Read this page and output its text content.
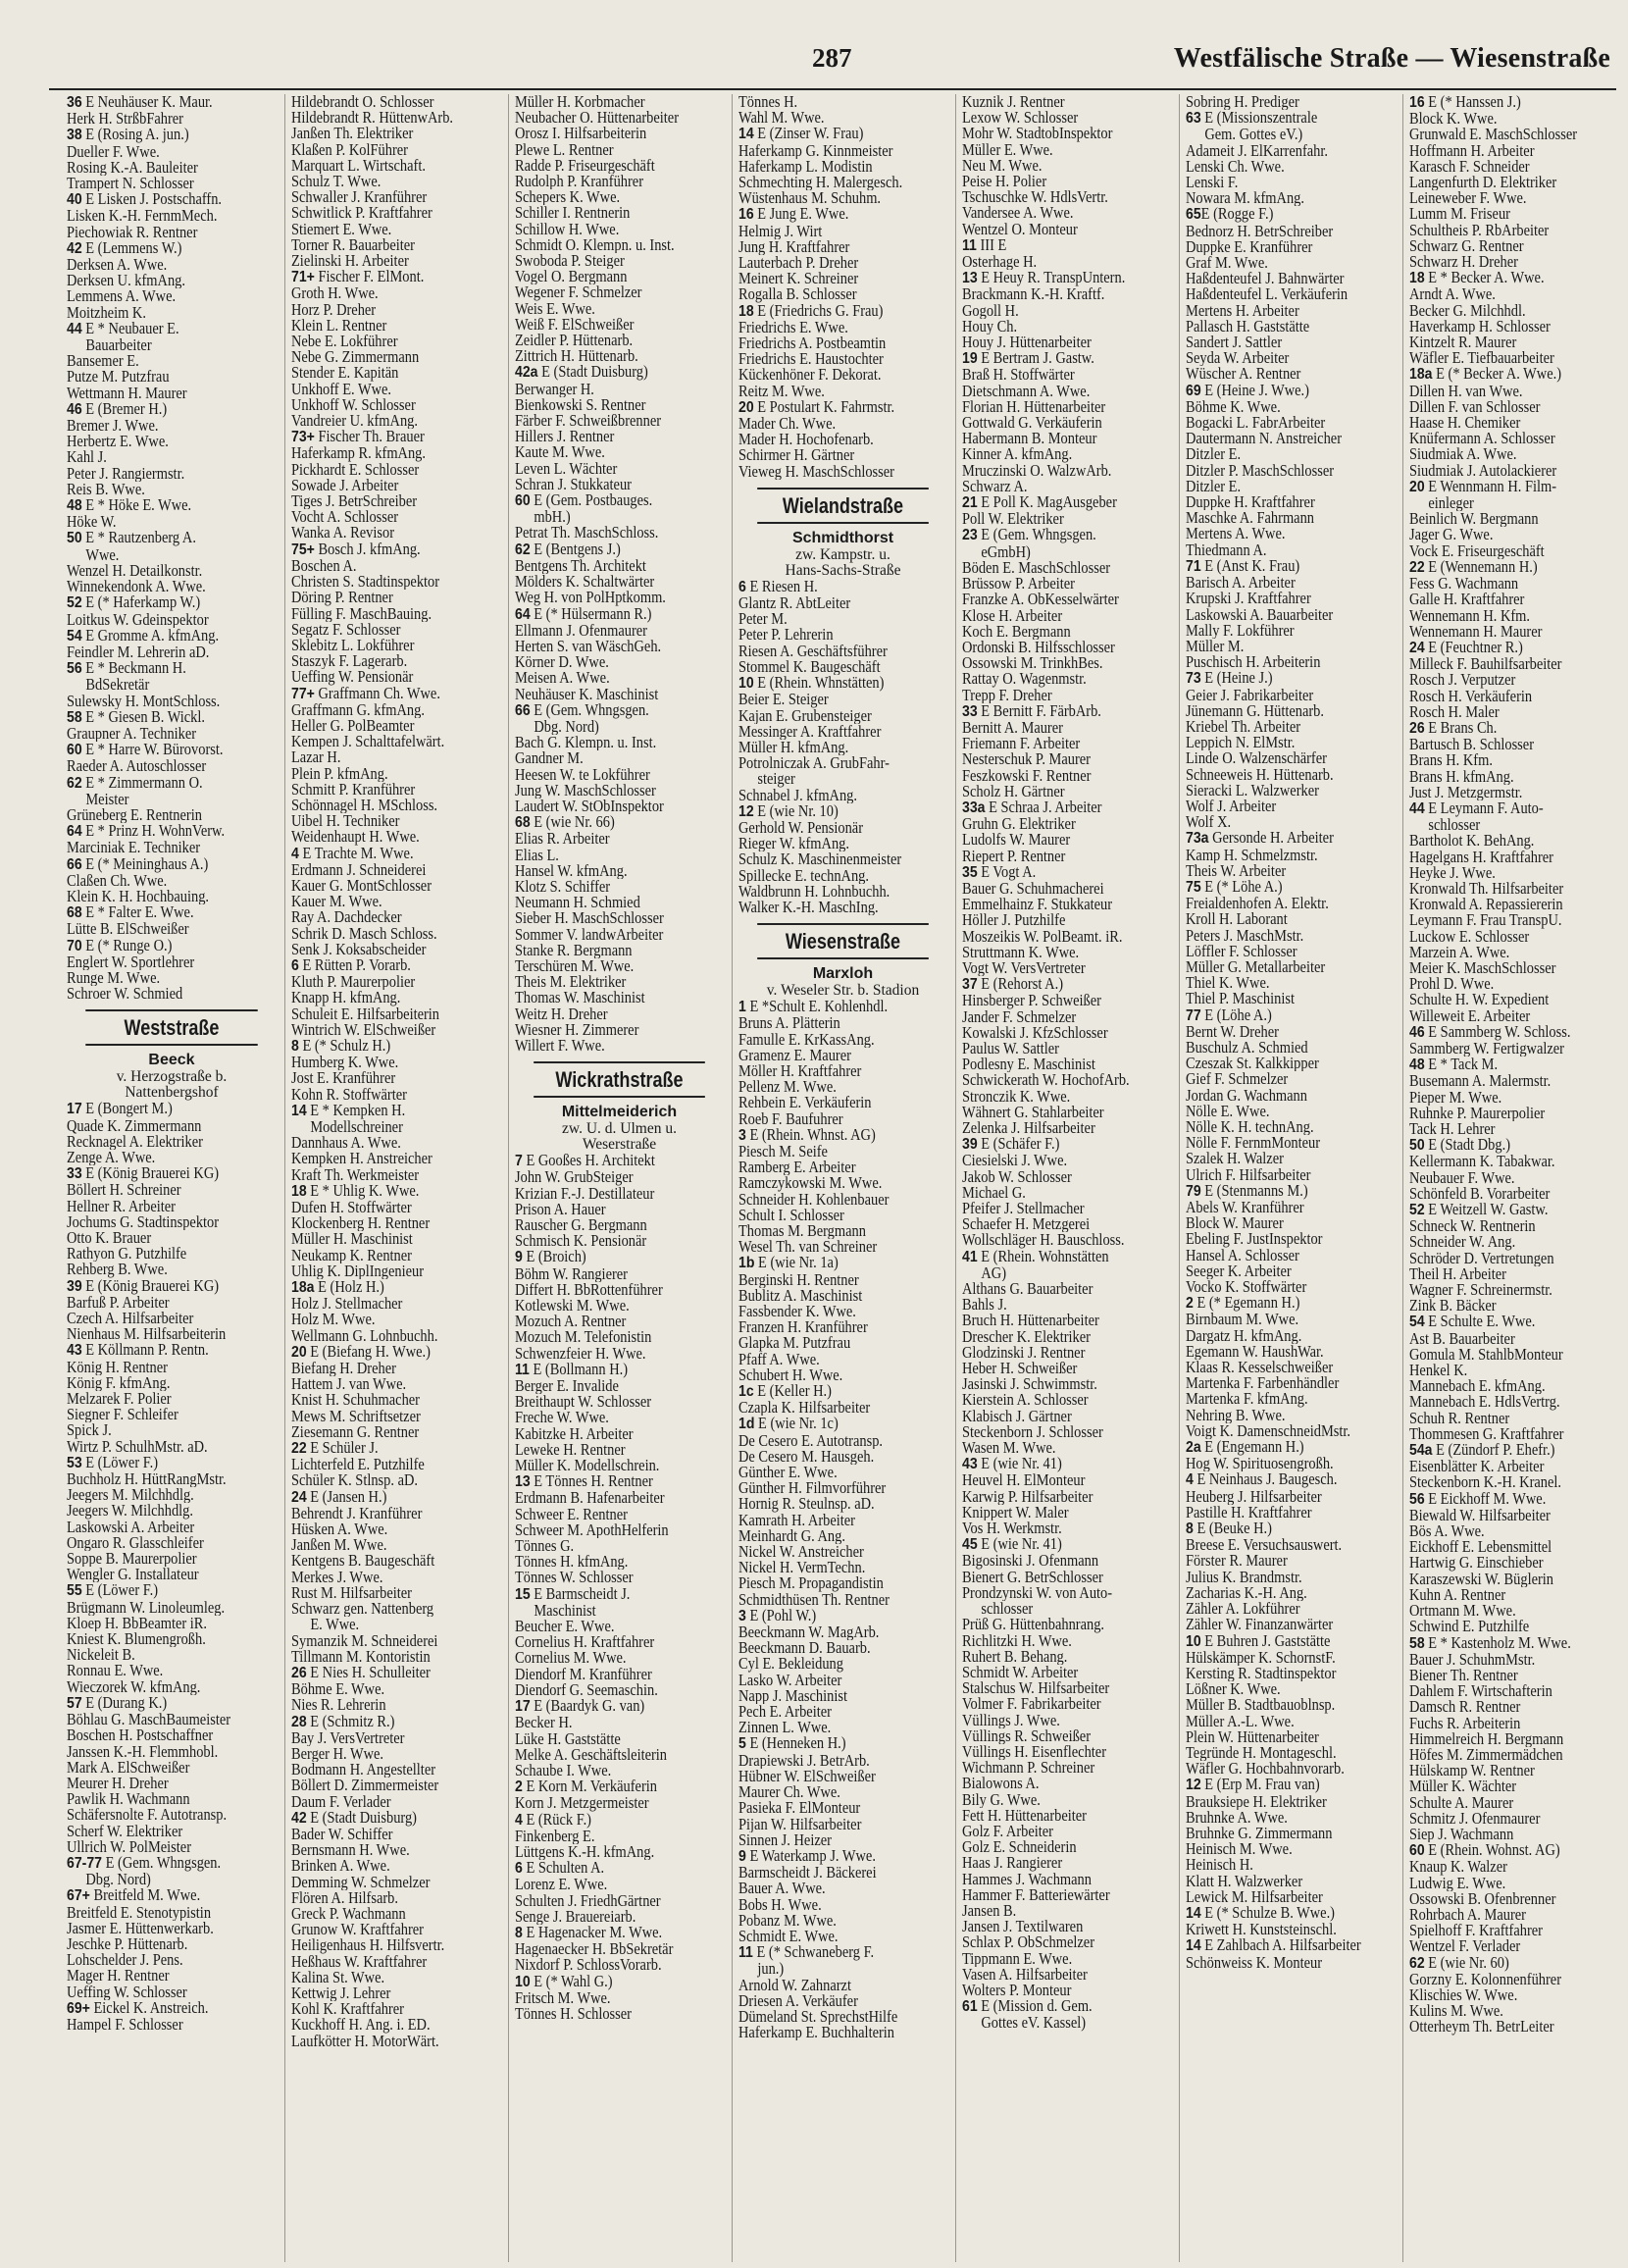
287	Westfälische Straße — Wiesenstraße
36 E Neuhäuser K. Maur.
Herk H. StrßbFahrer
38 E (Rosing A. jun.)
Dueller F. Wwe.
Rosing K.-A. Bauleiter
Trampert N. Schlosser
40 E Lisken J. Postschaffn.
Lisken K.-H. FernmMech.
Piechowiak R. Rentner
42 E (Lemmens W.)
Derksen A. Wwe.
Derksen U. kfmAng.
Lemmens A. Wwe.
Moitzheim K.
44 E * Neubauer E.
Bauarbeiter
Bansemer E.
Putze M. Putzfrau
Wettmann H. Maurer
46 E (Bremer H.)
Bremer J. Wwe.
Herbertz E. Wwe.
Kahl J.
Peter J. Rangiermstr.
Reis B. Wwe.
48 E * Höke E. Wwe.
Höke W.
50 E * Rautzenberg A.
Wwe.
Wenzel H. Detailkonstr.
Winnekendonk A. Wwe.
52 E (* Haferkamp W.)
Loitkus W. Gdeinspektor
54 E Gromme A. kfmAng.
Feindler M. Lehrerin aD.
56 E * Beckmann H.
BdSekretär
Sulewsky H. MontSchloss.
58 E * Giesen B. Wickl.
Graupner A. Techniker
60 E * Harre W. Bürovorst.
Raeder A. Autoschlosser
62 E * Zimmermann O.
Meister
Grüneberg E. Rentnerin
64 E * Prinz H. WohnVerw.
Marciniak E. Techniker
66 E (* Meininghaus A.)
Claßen Ch. Wwe.
Klein K. H. Hochbauing.
68 E * Falter E. Wwe.
Lütte B. ElSchweißer
70 E (* Runge O.)
Englert W. Sportlehrer
Runge M. Wwe.
Schroer W. Schmied
Weststraße
Beeck
v. Herzogstraße b.
Nattenbergshof
17 E (Bongert M.)
Quade K. Zimmermann
Recknagel A. Elektriker
Zenge A. Wwe.
33 E (König Brauerei KG)
Böllert H. Schreiner
Hellner R. Arbeiter
Jochums G. Stadtinspektor
Otto K. Brauer
Rathyon G. Putzhilfe
Rehberg B. Wwe.
39 E (König Brauerei KG)
Barfuß P. Arbeiter
Czech A. Hilfsarbeiter
Nienhaus M. Hilfsarbeiterin
43 E Köllmann P. Rentn.
König H. Rentner
König F. kfmAng.
Melzarek F. Polier
Siegner F. Schleifer
Spick J.
Wirtz P. SchulhMstr. aD.
53 E (Löwer F.)
Buchholz H. HüttRangMstr.
Jeegers M. Milchhdlg.
Jeegers W. Milchhdlg.
Laskowski A. Arbeiter
Ongaro R. Glasschleifer
Soppe B. Maurerpolier
Wengler G. Installateur
55 E (Löwer F.)
Brügmann W. Linoleumleg.
Kloep H. BbBeamter iR.
Kniest K. Blumengroßh.
Nickeleit B.
Ronnau E. Wwe.
Wieczorek W. kfmAng.
57 E (Durang K.)
Böhlau G. MaschBaumeister
Boschen H. Postschaffner
Janssen K.-H. Flemmhobl.
Mark A. ElSchweißer
Meurer H. Dreher
Pawlik H. Wachmann
Schäfersnolte F. Autotransp.
Scherf W. Elektriker
Ullrich W. PolMeister
67-77 E (Gem. Whngsgen.
Dbg. Nord)
67+ Breitfeld M. Wwe.
Breitfeld E. Stenotypistin
Jasmer E. Hüttenwerkarb.
Jeschke P. Hüttenarb.
Lohschelder J. Pens.
Mager H. Rentner
Ueffing W. Schlosser
69+ Eickel K. Anstreich.
Hampel F. Schlosser
Hildebrandt O. Schlosser
Hildebrandt R. HüttenwArb.
Janßen Th. Elektriker
Klaßen P. KolFührer
Marquart L. Wirtschaft.
Schulz T. Wwe.
Schwaller J. Kranführer
Schwitlick P. Kraftfahrer
Stiemert E. Wwe.
Torner R. Bauarbeiter
Zielinski H. Arbeiter
71+ Fischer F. ElMont.
Groth H. Wwe.
Horz P. Dreher
Klein L. Rentner
Nebe E. Lokführer
Nebe G. Zimmermann
Stender E. Kapitän
Unkhoff E. Wwe.
Unkhoff W. Schlosser
Vandreier U. kfmAng.
73+ Fischer Th. Brauer
Haferkamp R. kfmAng.
Pickhardt E. Schlosser
Sowade J. Arbeiter
Tiges J. BetrSchreiber
Vocht A. Schlosser
Wanka A. Revisor
75+ Bosch J. kfmAng.
Boschen A.
Christen S. Stadtinspektor
Döring P. Rentner
Fülling F. MaschBauing.
Segatz F. Schlosser
Sklebitz L. Lokführer
Staszyk F. Lagerarb.
Ueffing W. Pensionär
77+ Graffmann Ch. Wwe.
Graffmann G. kfmAng.
Heller G. PolBeamter
Kempen J. Schalttafelwärt.
Lazar H.
Plein P. kfmAng.
Schmitt P. Kranführer
Schönnagel H. MSchloss.
Uibel H. Techniker
Weidenhaupt H. Wwe.
4 E Trachte M. Wwe.
Erdmann J. Schneiderei
Kauer G. MontSchlosser
Kauer M. Wwe.
Ray A. Dachdecker
Schrik D. Masch Schloss.
Senk J. Koksabscheider
6 E Rütten P. Vorarb.
Kluth P. Maurerpolier
Knapp H. kfmAng.
Schuleit E. Hilfsarbeiterin
Wintrich W. ElSchweißer
8 E (* Schulz H.)
Humberg K. Wwe.
Jost E. Kranführer
Kohn R. Stoffwärter
14 E * Kempken H.
Modellschreiner
Dannhaus A. Wwe.
Kempken H. Anstreicher
Kraft Th. Werkmeister
18 E * Uhlig K. Wwe.
Dufen H. Stoffwärter
Klockenberg H. Rentner
Müller H. Maschinist
Neukamp K. Rentner
Uhlig K. DiplIngenieur
18a E (Holz H.)
Holz J. Stellmacher
Holz M. Wwe.
Wellmann G. Lohnbuchh.
20 E (Biefang H. Wwe.)
Biefang H. Dreher
Hattem J. van Wwe.
Knist H. Schuhmacher
Mews M. Schriftsetzer
Ziesemann G. Rentner
22 E Schüler J.
Lichterfeld E. Putzhilfe
Schüler K. Stlnsp. aD.
24 E (Jansen H.)
Behrendt J. Kranführer
Hüsken A. Wwe.
Janßen M. Wwe.
Kentgens B. Baugeschäft
Merkes J. Wwe.
Rust M. Hilfsarbeiter
Schwarz gen. Nattenberg
E. Wwe.
Symanzik M. Schneiderei
Tillmann M. Kontoristin
26 E Nies H. Schulleiter
Böhme E. Wwe.
Nies R. Lehrerin
28 E (Schmitz R.)
Bay J. VersVertreter
Berger H. Wwe.
Bodmann H. Angestellter
Böllert D. Zimmermeister
Daum F. Verlader
42 E (Stadt Duisburg)
Bader W. Schiffer
Bernsmann H. Wwe.
Brinken A. Wwe.
Demming W. Schmelzer
Flören A. Hilfsarb.
Greck P. Wachmann
Grunow W. Kraftfahrer
Heiligenhaus H. Hilfsvertr.
Heßhaus W. Kraftfahrer
Kalina St. Wwe.
Kettwig J. Lehrer
Kohl K. Kraftfahrer
Kuckhoff H. Ang. i. ED.
Laufkötter H. MotorWärt.
Müller H. Korbmacher
Neubacher O. Hüttenarbeiter
Orosz I. Hilfsarbeiterin
Plewe L. Rentner
Radde P. Friseurgeschäft
Rudolph P. Kranführer
Schepers K. Wwe.
Schiller I. Rentnerin
Schillow H. Wwe.
Schmidt O. Klempn. u. Inst.
Swoboda P. Steiger
Vogel O. Bergmann
Wegener F. Schmelzer
Weis E. Wwe.
Weiß F. ElSchweißer
Zeidler P. Hüttenarb.
Zittrich H. Hüttenarb.
42a E (Stadt Duisburg)
Berwanger H.
Bienkowski S. Rentner
Färber F. Schweißbrenner
Hillers J. Rentner
Kaute M. Wwe.
Leven L. Wächter
Schran J. Stukkateur
60 E (Gem. Postbauges.
mbH.)
Petrat Th. MaschSchloss.
62 E (Bentgens J.)
Bentgens Th. Architekt
Mölders K. Schaltwärter
Weg H. von PolHptkomm.
64 E (* Hülsermann R.)
Ellmann J. Ofenmaurer
Herten S. van WäschGeh.
Körner D. Wwe.
Meisen A. Wwe.
Neuhäuser K. Maschinist
66 E (Gem. Whngsgen.
Dbg. Nord)
Bach G. Klempn. u. Inst.
Gandner M.
Heesen W. te Lokführer
Jung W. MaschSchlosser
Laudert W. StObInspektor
68 E (wie Nr. 66)
Elias R. Arbeiter
Elias L.
Hansel W. kfmAng.
Klotz S. Schiffer
Neumann H. Schmied
Sieber H. MaschSchlosser
Sommer V. landwArbeiter
Stanke R. Bergmann
Terschüren M. Wwe.
Theis M. Elektriker
Thomas W. Maschinist
Weitz H. Dreher
Wiesner H. Zimmerer
Willert F. Wwe.
Wickrathstraße
Mittelmeiderich
zw. U. d. Ulmen u.
Weserstraße
7 E Gooßes H. Architekt
John W. GrubSteiger
Krizian F.-J. Destillateur
Prison A. Hauer
Rauscher G. Bergmann
Schmisch K. Pensionär
9 E (Broich)
Böhm W. Rangierer
Differt H. BbRottenführer
Kotlewski M. Wwe.
Mozuch A. Rentner
Mozuch M. Telefonistin
Schwenzfeier H. Wwe.
11 E (Bollmann H.)
Berger E. Invalide
Breithaupt W. Schlosser
Freche W. Wwe.
Kabitzke H. Arbeiter
Leweke H. Rentner
Müller K. Modellschrein.
13 E Tönnes H. Rentner
Erdmann B. Hafenarbeiter
Schweer E. Rentner
Schweer M. ApothHelferin
Tönnes G.
Tönnes H. kfmAng.
Tönnes W. Schlosser
15 E Barmscheidt J.
Maschinist
Beucher E. Wwe.
Cornelius H. Kraftfahrer
Cornelius M. Wwe.
Diendorf M. Kranführer
Diendorf G. Seemaschin.
17 E (Baardyk G. van)
Becker H.
Lüke H. Gaststätte
Melke A. Geschäftsleiterin
Schaube I. Wwe.
2 E Korn M. Verkäuferin
Korn J. Metzgermeister
4 E (Rück F.)
Finkenberg E.
Lüttgens K.-H. kfmAng.
6 E Schulten A.
Lorenz E. Wwe.
Schulten J. FriedhGärtner
Senge J. Brauereiarb.
8 E Hagenacker M. Wwe.
Hagenaecker H. BbSekretär
Nixdorf P. SchlossVorarb.
10 E (* Wahl G.)
Fritsch M. Wwe.
Tönnes H. Schlosser
Tönnes H.
Wahl M. Wwe.
14 E (Zinser W. Frau)
Haferkamp G. Kinnmeister
Haferkamp L. Modistin
Schmechting H. Malergesch.
Wüstenhaus M. Schuhm.
16 E Jung E. Wwe.
Helmig J. Wirt
Jung H. Kraftfahrer
Lauterbach P. Dreher
Meinert K. Schreiner
Rogalla B. Schlosser
18 E (Friedrichs G. Frau)
Friedrichs E. Wwe.
Friedrichs A. Postbeamtin
Friedrichs E. Haustochter
Kückenhöner F. Dekorat.
Reitz M. Wwe.
20 E Postulart K. Fahrmstr.
Mader Ch. Wwe.
Mader H. Hochofenarb.
Schirmer H. Gärtner
Vieweg H. MaschSchlosser
Wielandstraße
Schmidthorst
zw. Kampstr. u.
Hans-Sachs-Straße
6 E Riesen H.
Glantz R. AbtLeiter
Peter M.
Peter P. Lehrerin
Riesen A. Geschäftsführer
Stommel K. Baugeschäft
10 E (Rhein. Whnstätten)
Beier E. Steiger
Kajan E. Grubensteiger
Messinger A. Kraftfahrer
Müller H. kfmAng.
Potrolniczak A. GrubFahr-
steiger
Schnabel J. kfmAng.
12 E (wie Nr. 10)
Gerhold W. Pensionär
Rieger W. kfmAng.
Schulz K. Maschinenmeister
Spillecke E. technAng.
Waldbrunn H. Lohnbuchh.
Walker K.-H. MaschIng.
Wiesenstraße
Marxloh
v. Weseler Str. b. Stadion
1 E *Schult E. Kohlenhdl.
Bruns A. Plätterin
Famulle E. KrKassAng.
Gramenz E. Maurer
Möller H. Kraftfahrer
Pellenz M. Wwe.
Rehbein E. Verkäuferin
Roeb F. Baufuhrer
3 E (Rhein. Whnst. AG)
Piesch M. Seife
Ramberg E. Arbeiter
Ramczykowski M. Wwe.
Schneider H. Kohlenbauer
Schult I. Schlosser
Thomas M. Bergmann
Wesel Th. van Schreiner
1b E (wie Nr. 1a)
Berginski H. Rentner
Bublitz A. Maschinist
Fassbender K. Wwe.
Franzen H. Kranführer
Glapka M. Putzfrau
Pfaff A. Wwe.
Schubert H. Wwe.
1c E (Keller H.)
Czapla K. Hilfsarbeiter
1d E (wie Nr. 1c)
De Cesero E. Autotransp.
De Cesero M. Hausgeh.
Günther E. Wwe.
Günther H. Filmvorführer
Hornig R. Steulnsp. aD.
Kamrath H. Arbeiter
Meinhardt G. Ang.
Nickel W. Anstreicher
Nickel H. VermTechn.
Piesch M. Propagandistin
Schmidthüsen Th. Rentner
3 E (Pohl W.)
Beeckmann W. MagArb.
Beeckmann D. Bauarb.
Cyl E. Bekleidung
Lasko W. Arbeiter
Napp J. Maschinist
Pech E. Arbeiter
Zinnen L. Wwe.
5 E (Henneken H.)
Drapiewski J. BetrArb.
Hübner W. ElSchweißer
Maurer Ch. Wwe.
Pasieka F. ElMonteur
Pijan W. Hilfsarbeiter
Sinnen J. Heizer
9 E Waterkamp J. Wwe.
Barmscheidt J. Bäckerei
Bauer A. Wwe.
Bobs H. Wwe.
Pobanz M. Wwe.
Schmidt E. Wwe.
11 E (* Schwaneberg F.
jun.)
Arnold W. Zahnarzt
Driesen A. Verkäufer
Dümeland St. SprechstHilfe
Haferkamp E. Buchhalterin
Kuznik J. Rentner
Lexow W. Schlosser
Mohr W. StadtobInspektor
Müller E. Wwe.
Neu M. Wwe.
Peise H. Polier
Tschuschke W. HdlsVertr.
Vandersee A. Wwe.
Wentzel O. Monteur
11 III E
Osterhage H.
13 E Heuy R. TranspUntern.
Brackmann K.-H. Kraftf.
Gogoll H.
Houy Ch.
Houy J. Hüttenarbeiter
19 E Bertram J. Gastw.
Braß H. Stoffwärter
Dietschmann A. Wwe.
Florian H. Hüttenarbeiter
Gottwald G. Verkäuferin
Habermann B. Monteur
Kinner A. kfmAng.
Mruczinski O. WalzwArb.
Schwarz A.
21 E Poll K. MagAusgeber
Poll W. Elektriker
23 E (Gem. Whngsgen.
eGmbH)
Böden E. MaschSchlosser
Brüssow P. Arbeiter
Franzke A. ObKesselwärter
Klose H. Arbeiter
Koch E. Bergmann
Ordonski B. Hilfsschlosser
Ossowski M. TrinkhBes.
Rattay O. Wagenmstr.
Trepp F. Dreher
33 E Bernitt F. FärbArb.
Bernitt A. Maurer
Friemann F. Arbeiter
Nesterschuk P. Maurer
Feszkowski F. Rentner
Scholz H. Gärtner
33a E Schraa J. Arbeiter
Gruhn G. Elektriker
Ludolfs W. Maurer
Riepert P. Rentner
35 E Vogt A.
Bauer G. Schuhmacherei
Emmelhainz F. Stukkateur
Höller J. Putzhilfe
Moszeikis W. PolBeamt. iR.
Struttmann K. Wwe.
Vogt W. VersVertreter
37 E (Rehorst A.)
Hinsberger P. Schweißer
Jander F. Schmelzer
Kowalski J. KfzSchlosser
Paulus W. Sattler
Podlesny E. Maschinist
Schwickerath W. HochofArb.
Stronczik K. Wwe.
Wähnert G. Stahlarbeiter
Zelenka J. Hilfsarbeiter
39 E (Schäfer F.)
Ciesielski J. Wwe.
Jakob W. Schlosser
Michael G.
Pfeifer J. Stellmacher
Schaefer H. Metzgerei
Wollschläger H. Bauschloss.
41 E (Rhein. Wohnstätten
AG)
Althans G. Bauarbeiter
Bahls J.
Bruch H. Hüttenarbeiter
Drescher K. Elektriker
Glodzinski J. Rentner
Heber H. Schweißer
Jasinski J. Schwimmstr.
Kierstein A. Schlosser
Klabisch J. Gärtner
Steckenborn J. Schlosser
Wasen M. Wwe.
43 E (wie Nr. 41)
Heuvel H. ElMonteur
Karwig P. Hilfsarbeiter
Knippert W. Maler
Vos H. Werkmstr.
45 E (wie Nr. 41)
Bigosinski J. Ofenmann
Bienert G. BetrSchlosser
Prondzynski W. von Auto-
schlosser
Prüß G. Hüttenbahnrang.
Richlitzki H. Wwe.
Ruhert B. Behang.
Schmidt W. Arbeiter
Stalschus W. Hilfsarbeiter
Volmer F. Fabrikarbeiter
Vüllings J. Wwe.
Vüllings R. Schweißer
Vüllings H. Eisenflechter
Wichmann P. Schreiner
Bialowons A.
Bily G. Wwe.
Fett H. Hüttenarbeiter
Golz F. Arbeiter
Golz E. Schneiderin
Haas J. Rangierer
Hammes J. Wachmann
Hammer F. Batteriewärter
Jansen B.
Jansen J. Textilwaren
Schlax P. ObSchmelzer
Tippmann E. Wwe.
Vasen A. Hilfsarbeiter
Wolters P. Monteur
61 E (Mission d. Gem.
Gottes eV. Kassel)
Sobring H. Prediger
63 E (Missionszentrale
Gem. Gottes eV.)
Adameit J. ElKarrenfahr.
Lenski Ch. Wwe.
Lenski F.
Nowara M. kfmAng.
65E (Rogge F.)
Bednorz H. BetrSchreiber
Duppke E. Kranführer
Graf M. Wwe.
Haßdenteufel J. Bahnwärter
Haßdenteufel L. Verkäuferin
Mertens H. Arbeiter
Pallasch H. Gaststätte
Sandert J. Sattler
Seyda W. Arbeiter
Wüscher A. Rentner
69 E (Heine J. Wwe.)
Böhme K. Wwe.
Bogacki L. FabrArbeiter
Dautermann N. Anstreicher
Ditzler E.
Ditzler P. MaschSchlosser
Ditzler E.
Duppke H. Kraftfahrer
Maschke A. Fahrmann
Mertens A. Wwe.
Thiedmann A.
71 E (Anst K. Frau)
Barisch A. Arbeiter
Krupski J. Kraftfahrer
Laskowski A. Bauarbeiter
Mally F. Lokführer
Müller M.
Puschisch H. Arbeiterin
73 E (Heine J.)
Geier J. Fabrikarbeiter
Jünemann G. Hüttenarb.
Kriebel Th. Arbeiter
Leppich N. ElMstr.
Linde O. Walzenschärfer
Schneeweis H. Hüttenarb.
Sieracki L. Walzwerker
Wolf J. Arbeiter
Wolf X.
73a Gersonde H. Arbeiter
Kamp H. Schmelzmstr.
Theis W. Arbeiter
75 E (* Löhe A.)
Freialdenhofen A. Elektr.
Kroll H. Laborant
Peters J. MaschMstr.
Löffler F. Schlosser
Müller G. Metallarbeiter
Thiel K. Wwe.
Thiel P. Maschinist
77 E (Löhe A.)
Bernt W. Dreher
Buschulz A. Schmied
Czeszak St. Kalkkipper
Gief F. Schmelzer
Jordan G. Wachmann
Nölle E. Wwe.
Nölle K. H. technAng.
Nölle F. FernmMonteur
Szalek H. Walzer
Ulrich F. Hilfsarbeiter
79 E (Stenmanns M.)
Abels W. Kranführer
Block W. Maurer
Ebeling F. JustInspektor
Hansel A. Schlosser
Seeger K. Arbeiter
Vocko K. Stoffwärter
2 E (* Egemann H.)
Birnbaum M. Wwe.
Dargatz H. kfmAng.
Egemann W. HaushWar.
Klaas R. Kesselschweißer
Martenka F. Farbenhändler
Martenka F. kfmAng.
Nehring B. Wwe.
Voigt K. DamenschneidMstr.
2a E (Engemann H.)
Hog W. Spirituosengroßh.
4 E Neinhaus J. Baugesch.
Heuberg J. Hilfsarbeiter
Pastille H. Kraftfahrer
8 E (Beuke H.)
Breese E. Versuchsauswert.
Förster R. Maurer
Julius K. Brandmstr.
Zacharias K.-H. Ang.
Zähler A. Lokführer
Zähler W. Finanzanwärter
10 E Buhren J. Gaststätte
Hülskämper K. SchornstF.
Kersting R. Stadtinspektor
Lößner K. Wwe.
Müller B. Stadtbauoblnsp.
Müller A.-L. Wwe.
Plein W. Hüttenarbeiter
Tegründe H. Montageschl.
Wäfler G. Hochbahnvorarb.
12 E (Erp M. Frau van)
Brauksiepe H. Elektriker
Bruhnke A. Wwe.
Bruhnke G. Zimmermann
Heinisch M. Wwe.
Heinisch H.
Klatt H. Walzwerker
Lewick M. Hilfsarbeiter
14 E (* Schulze B. Wwe.)
Kriwett H. Kunststeinschl.
14 E Zahlbach A. Hilfsarbeiter
Schönweiss K. Monteur
16 E (* Hanssen J.)
Block K. Wwe.
Grunwald E. MaschSchlosser
Hoffmann H. Arbeiter
Karasch F. Schneider
Langenfurth D. Elektriker
Leineweber F. Wwe.
Lumm M. Friseur
Schultheis P. RbArbeiter
Schwarz G. Rentner
Schwarz H. Dreher
18 E * Becker A. Wwe.
Arndt A. Wwe.
Becker G. Milchhdl.
Haverkamp H. Schlosser
Kintzelt R. Maurer
Wäfler E. Tiefbauarbeiter
18a E (* Becker A. Wwe.)
Dillen H. van Wwe.
Dillen F. van Schlosser
Haase H. Chemiker
Knüfermann A. Schlosser
Siudmiak A. Wwe.
Siudmiak J. Autolackierer
20 E Wennmann H. Film-
einleger
Beinlich W. Bergmann
Jager G. Wwe.
Vock E. Friseurgeschäft
22 E (Wennemann H.)
Fess G. Wachmann
Galle H. Kraftfahrer
Wennemann H. Kfm.
Wennemann H. Maurer
24 E (Feuchtner R.)
Milleck F. Bauhilfsarbeiter
Rosch J. Verputzer
Rosch H. Verkäuferin
Rosch H. Maler
26 E Brans Ch.
Bartusch B. Schlosser
Brans H. Kfm.
Brans H. kfmAng.
Just J. Metzgermstr.
44 E Leymann F. Auto-
schlosser
Bartholot K. BehAng.
Hagelgans H. Kraftfahrer
Heyke J. Wwe.
Kronwald Th. Hilfsarbeiter
Kronwald A. Repassiererin
Leymann F. Frau TranspU.
Luckow E. Schlosser
Marzein A. Wwe.
Meier K. MaschSchlosser
Prohl D. Wwe.
Schulte H. W. Expedient
Willeweit E. Arbeiter
46 E Sammberg W. Schloss.
Sammberg W. Fertigwalzer
48 E * Tack M.
Busemann A. Malermstr.
Pieper M. Wwe.
Ruhnke P. Maurerpolier
Tack H. Lehrer
50 E (Stadt Dbg.)
Kellermann K. Tabakwar.
Neubauer F. Wwe.
Schönfeld B. Vorarbeiter
52 E Weitzell W. Gastw.
Schneck W. Rentnerin
Schneider W. Ang.
Schröder D. Vertretungen
Theil H. Arbeiter
Wagner F. Schreinermstr.
Zink B. Bäcker
54 E Schulte E. Wwe.
Ast B. Bauarbeiter
Gomula M. StahlbMonteur
Henkel K.
Mannebach E. kfmAng.
Mannebach E. HdlsVertrg.
Schuh R. Rentner
Thommesen G. Kraftfahrer
54a E (Zündorf P. Ehefr.)
Eisenblätter K. Arbeiter
Steckenborn K.-H. Kranel.
56 E Eickhoff M. Wwe.
Biewald W. Hilfsarbeiter
Bös A. Wwe.
Eickhoff E. Lebensmittel
Hartwig G. Einschieber
Karaszewski W. Büglerin
Kuhn A. Rentner
Ortmann M. Wwe.
Schwind E. Putzhilfe
58 E * Kastenholz M. Wwe.
Bauer J. SchuhmMstr.
Biener Th. Rentner
Dahlem F. Wirtschafterin
Damsch R. Rentner
Fuchs R. Arbeiterin
Himmelreich H. Bergmann
Höfes M. Zimmermädchen
Hülskamp W. Rentner
Müller K. Wächter
Schulte A. Maurer
Schmitz J. Ofenmaurer
Siep J. Wachmann
60 E (Rhein. Wohnst. AG)
Knaup K. Walzer
Ludwig E. Wwe.
Ossowski B. Ofenbrenner
Rohrbach A. Maurer
Spielhoff F. Kraftfahrer
Wentzel F. Verlader
62 E (wie Nr. 60)
Gorzny E. Kolonnenführer
Klischies W. Wwe.
Kulins M. Wwe.
Otterheym Th. BetrLeiter
